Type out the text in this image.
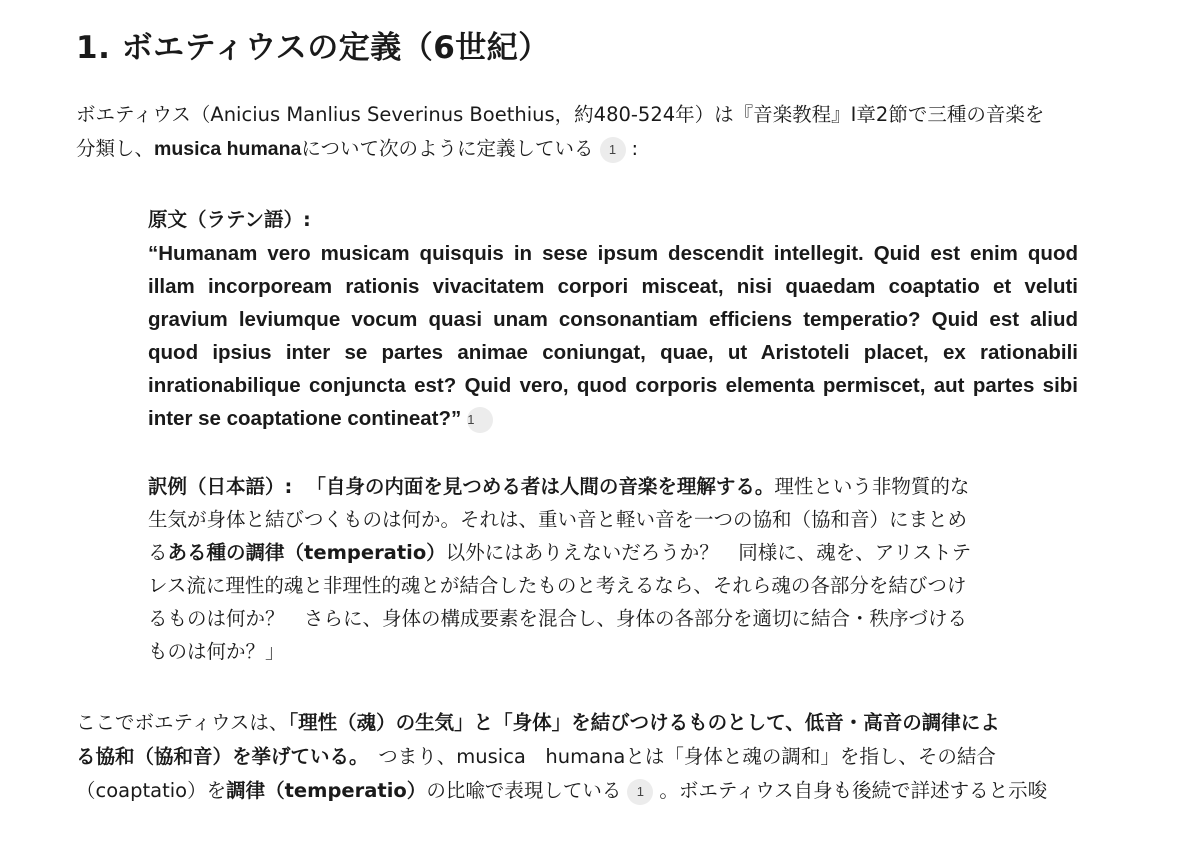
1. ボエティウスの定義（6世紀）
ボエティウス（Anicius Manlius Severinus Boethius，約480-524年）は『音楽教程』Ⅰ章2節で三種の音楽を
分類し、musica humanaについて次のように定義している 1 :
原文（ラテン語）:
“Humanam vero musicam quisquis in sese ipsum descendit intellegit. Quid est enim quod illam incorpoream rationis vivacitatem corpori misceat, nisi quaedam coaptatio et veluti gravium leviumque vocum quasi unam consonantiam efficiens temperatio? Quid est aliud quod ipsius inter se partes animae coniungat, quae, ut Aristoteli placet, ex rationabili inrationabilique conjuncta est? Quid vero, quod corporis elementa permiscet, aut partes sibi inter se coaptatione contineat?” 1
訳例（日本語）: 「自身の内面を見つめる者は人間の音楽を理解する。理性という非物質的な
生気が身体と結びつくものは何か。それは、重い音と軽い音を一つの協和（協和音）にまとめ
るある種の調律（temperatio）以外にはありえないだろうか？　同様に、魂を、アリストテ
レス流に理性的魂と非理性的魂とが結合したものと考えるなら、それら魂の各部分を結びつけ
るものは何か？　さらに、身体の構成要素を混合し、身体の各部分を適切に結合・秩序づける
ものは何か？」
ここでボエティウスは、「理性（魂）の生気」と「身体」を結びつけるものとして、低音・高音の調律によ
る協和（協和音）を挙げている。　つまり、musica　humanaとは「身体と魂の調和」を指し、その結合
（coaptatio）を調律（temperatio）の比喩で表現している 1 。ボエティウス自身も後続で詳述すると示唆
